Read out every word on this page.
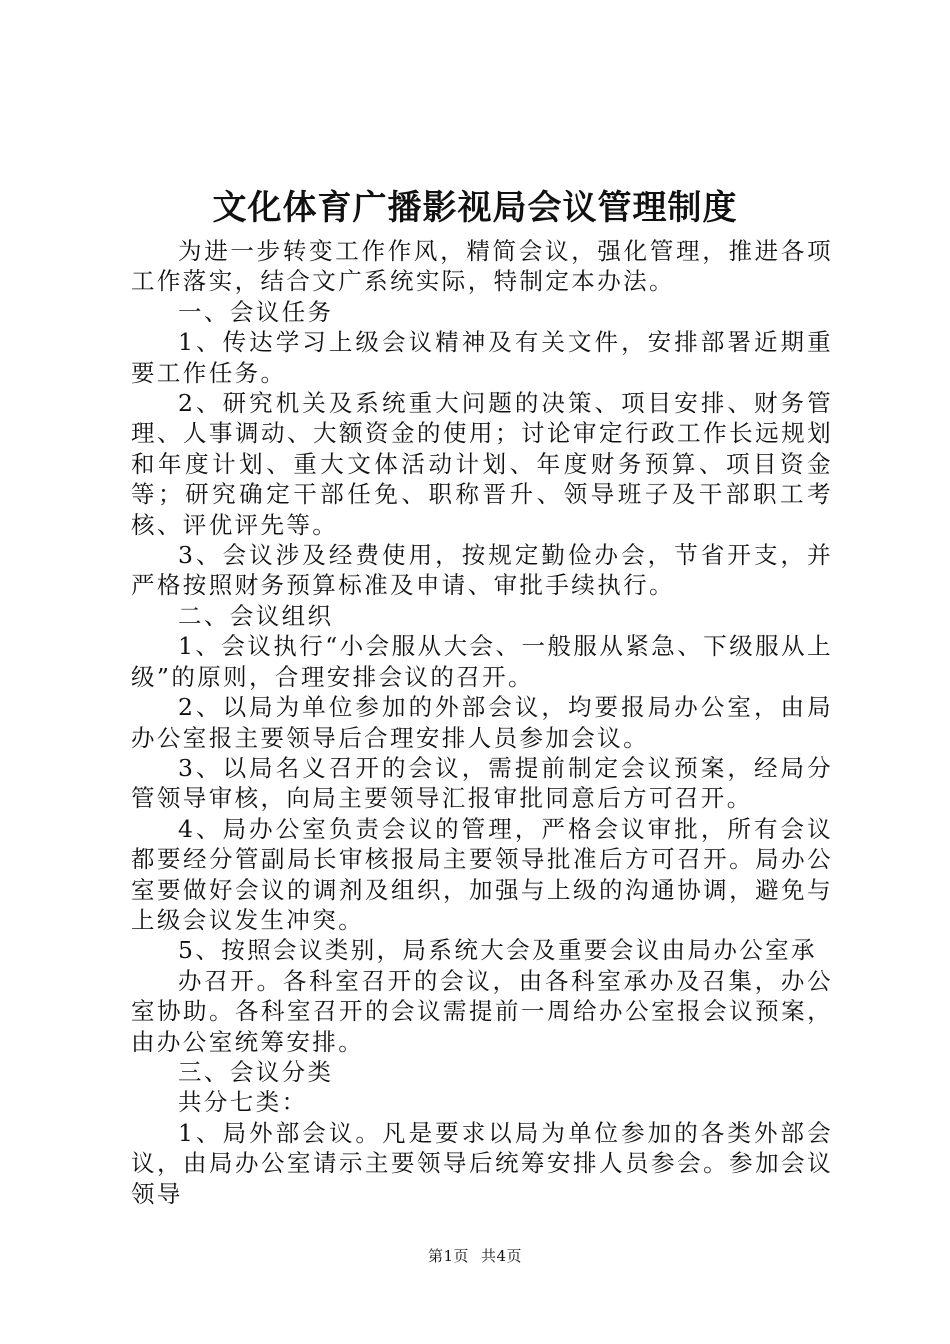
文化体育广播影视局会议管理制度

为进一步转变工作作风，精简会议，强化管理，推进各项工作落实，结合文广系统实际，特制定本办法。

一、会议任务

1、传达学习上级会议精神及有关文件，安排部署近期重要工作任务。

2、研究机关及系统重大问题的决策、项目安排、财务管理、人事调动、大额资金的使用；讨论审定行政工作长远规划和年度计划、重大文体活动计划、年度财务预算、项目资金等；研究确定干部任免、职称晋升、领导班子及干部职工考核、评优评先等。

3、会议涉及经费使用，按规定勤俭办会，节省开支，并严格按照财务预算标准及申请、审批手续执行。

二、会议组织

1、会议执行“小会服从大会、一般服从紧急、下级服从上级”的原则，合理安排会议的召开。

2、以局为单位参加的外部会议，均要报局办公室，由局办公室报主要领导后合理安排人员参加会议。

3、以局名义召开的会议，需提前制定会议预案，经局分管领导审核，向局主要领导汇报审批同意后方可召开。

4、局办公室负责会议的管理，严格会议审批，所有会议都要经分管副局长审核报局主要领导批准后方可召开。局办公室要做好会议的调剂及组织，加强与上级的沟通协调，避免与上级会议发生冲突。

5、按照会议类别，局系统大会及重要会议由局办公室承

办召开。各科室召开的会议，由各科室承办及召集，办公室协助。各科室召开的会议需提前一周给办公室报会议预案，由办公室统筹安排。

三、会议分类

共分七类：

1、局外部会议。凡是要求以局为单位参加的各类外部会议，由局办公室请示主要领导后统筹安排人员参会。参加会议领导

第1页 共4页
